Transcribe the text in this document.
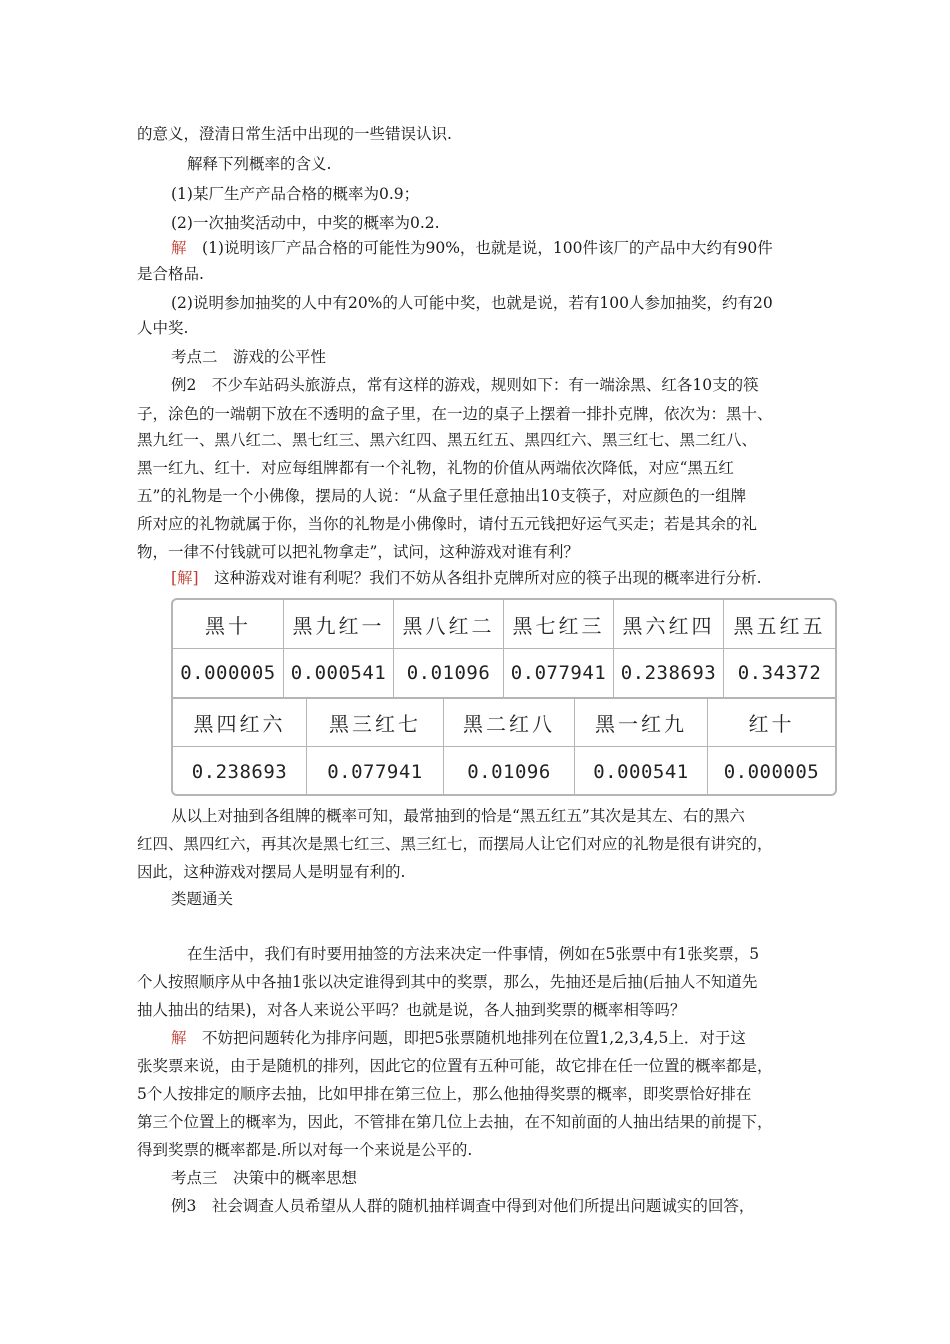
的意义，澄清日常生活中出现的一些错误认识.
解释下列概率的含义.
(1)某厂生产产品合格的概率为0.9；
(2)一次抽奖活动中，中奖的概率为0.2.
解　(1)说明该厂产品合格的可能性为90%，也就是说，100件该厂的产品中大约有90件
是合格品.
(2)说明参加抽奖的人中有20%的人可能中奖，也就是说，若有100人参加抽奖，约有20
人中奖.
考点二　游戏的公平性
例2　不少车站码头旅游点，常有这样的游戏，规则如下：有一端涂黑、红各10支的筷
子，涂色的一端朝下放在不透明的盒子里，在一边的桌子上摆着一排扑克牌，依次为：黑十、
黑九红一、黑八红二、黑七红三、黑六红四、黑五红五、黑四红六、黑三红七、黑二红八、
黑一红九、红十．对应每组牌都有一个礼物，礼物的价值从两端依次降低，对应“黑五红
五”的礼物是一个小佛像，摆局的人说：“从盒子里任意抽出10支筷子，对应颜色的一组牌
所对应的礼物就属于你，当你的礼物是小佛像时，请付五元钱把好运气买走；若是其余的礼
物，一律不付钱就可以把礼物拿走”，试问，这种游戏对谁有利？
[解]　这种游戏对谁有利呢？我们不妨从各组扑克牌所对应的筷子出现的概率进行分析.
黑十	黑九红一 黑八红二 黑七红三 黑六红四 黑五红五
0.000005 0.000541	0.01096	0.077941 0.238693	0.34372
黑四红六	黑三红七	黑二红八	黑一红九	红十
0.238693	0.077941	0.01096	0.000541	0.000005
从以上对抽到各组牌的概率可知，最常抽到的恰是“黑五红五”其次是其左、右的黑六
红四、黑四红六，再其次是黑七红三、黑三红七，而摆局人让它们对应的礼物是很有讲究的，
因此，这种游戏对摆局人是明显有利的.
类题通关
在生活中，我们有时要用抽签的方法来决定一件事情，例如在5张票中有1张奖票，5
个人按照顺序从中各抽1张以决定谁得到其中的奖票，那么，先抽还是后抽(后抽人不知道先
抽人抽出的结果)，对各人来说公平吗？也就是说，各人抽到奖票的概率相等吗？
解　不妨把问题转化为排序问题，即把5张票随机地排列在位置1,2,3,4,5上．对于这
张奖票来说，由于是随机的排列，因此它的位置有五种可能，故它排在任一位置的概率都是，
5个人按排定的顺序去抽，比如甲排在第三位上，那么他抽得奖票的概率，即奖票恰好排在
第三个位置上的概率为，因此，不管排在第几位上去抽，在不知前面的人抽出结果的前提下，
得到奖票的概率都是.所以对每一个来说是公平的.
考点三　决策中的概率思想
例3　社会调查人员希望从人群的随机抽样调查中得到对他们所提出问题诚实的回答，
